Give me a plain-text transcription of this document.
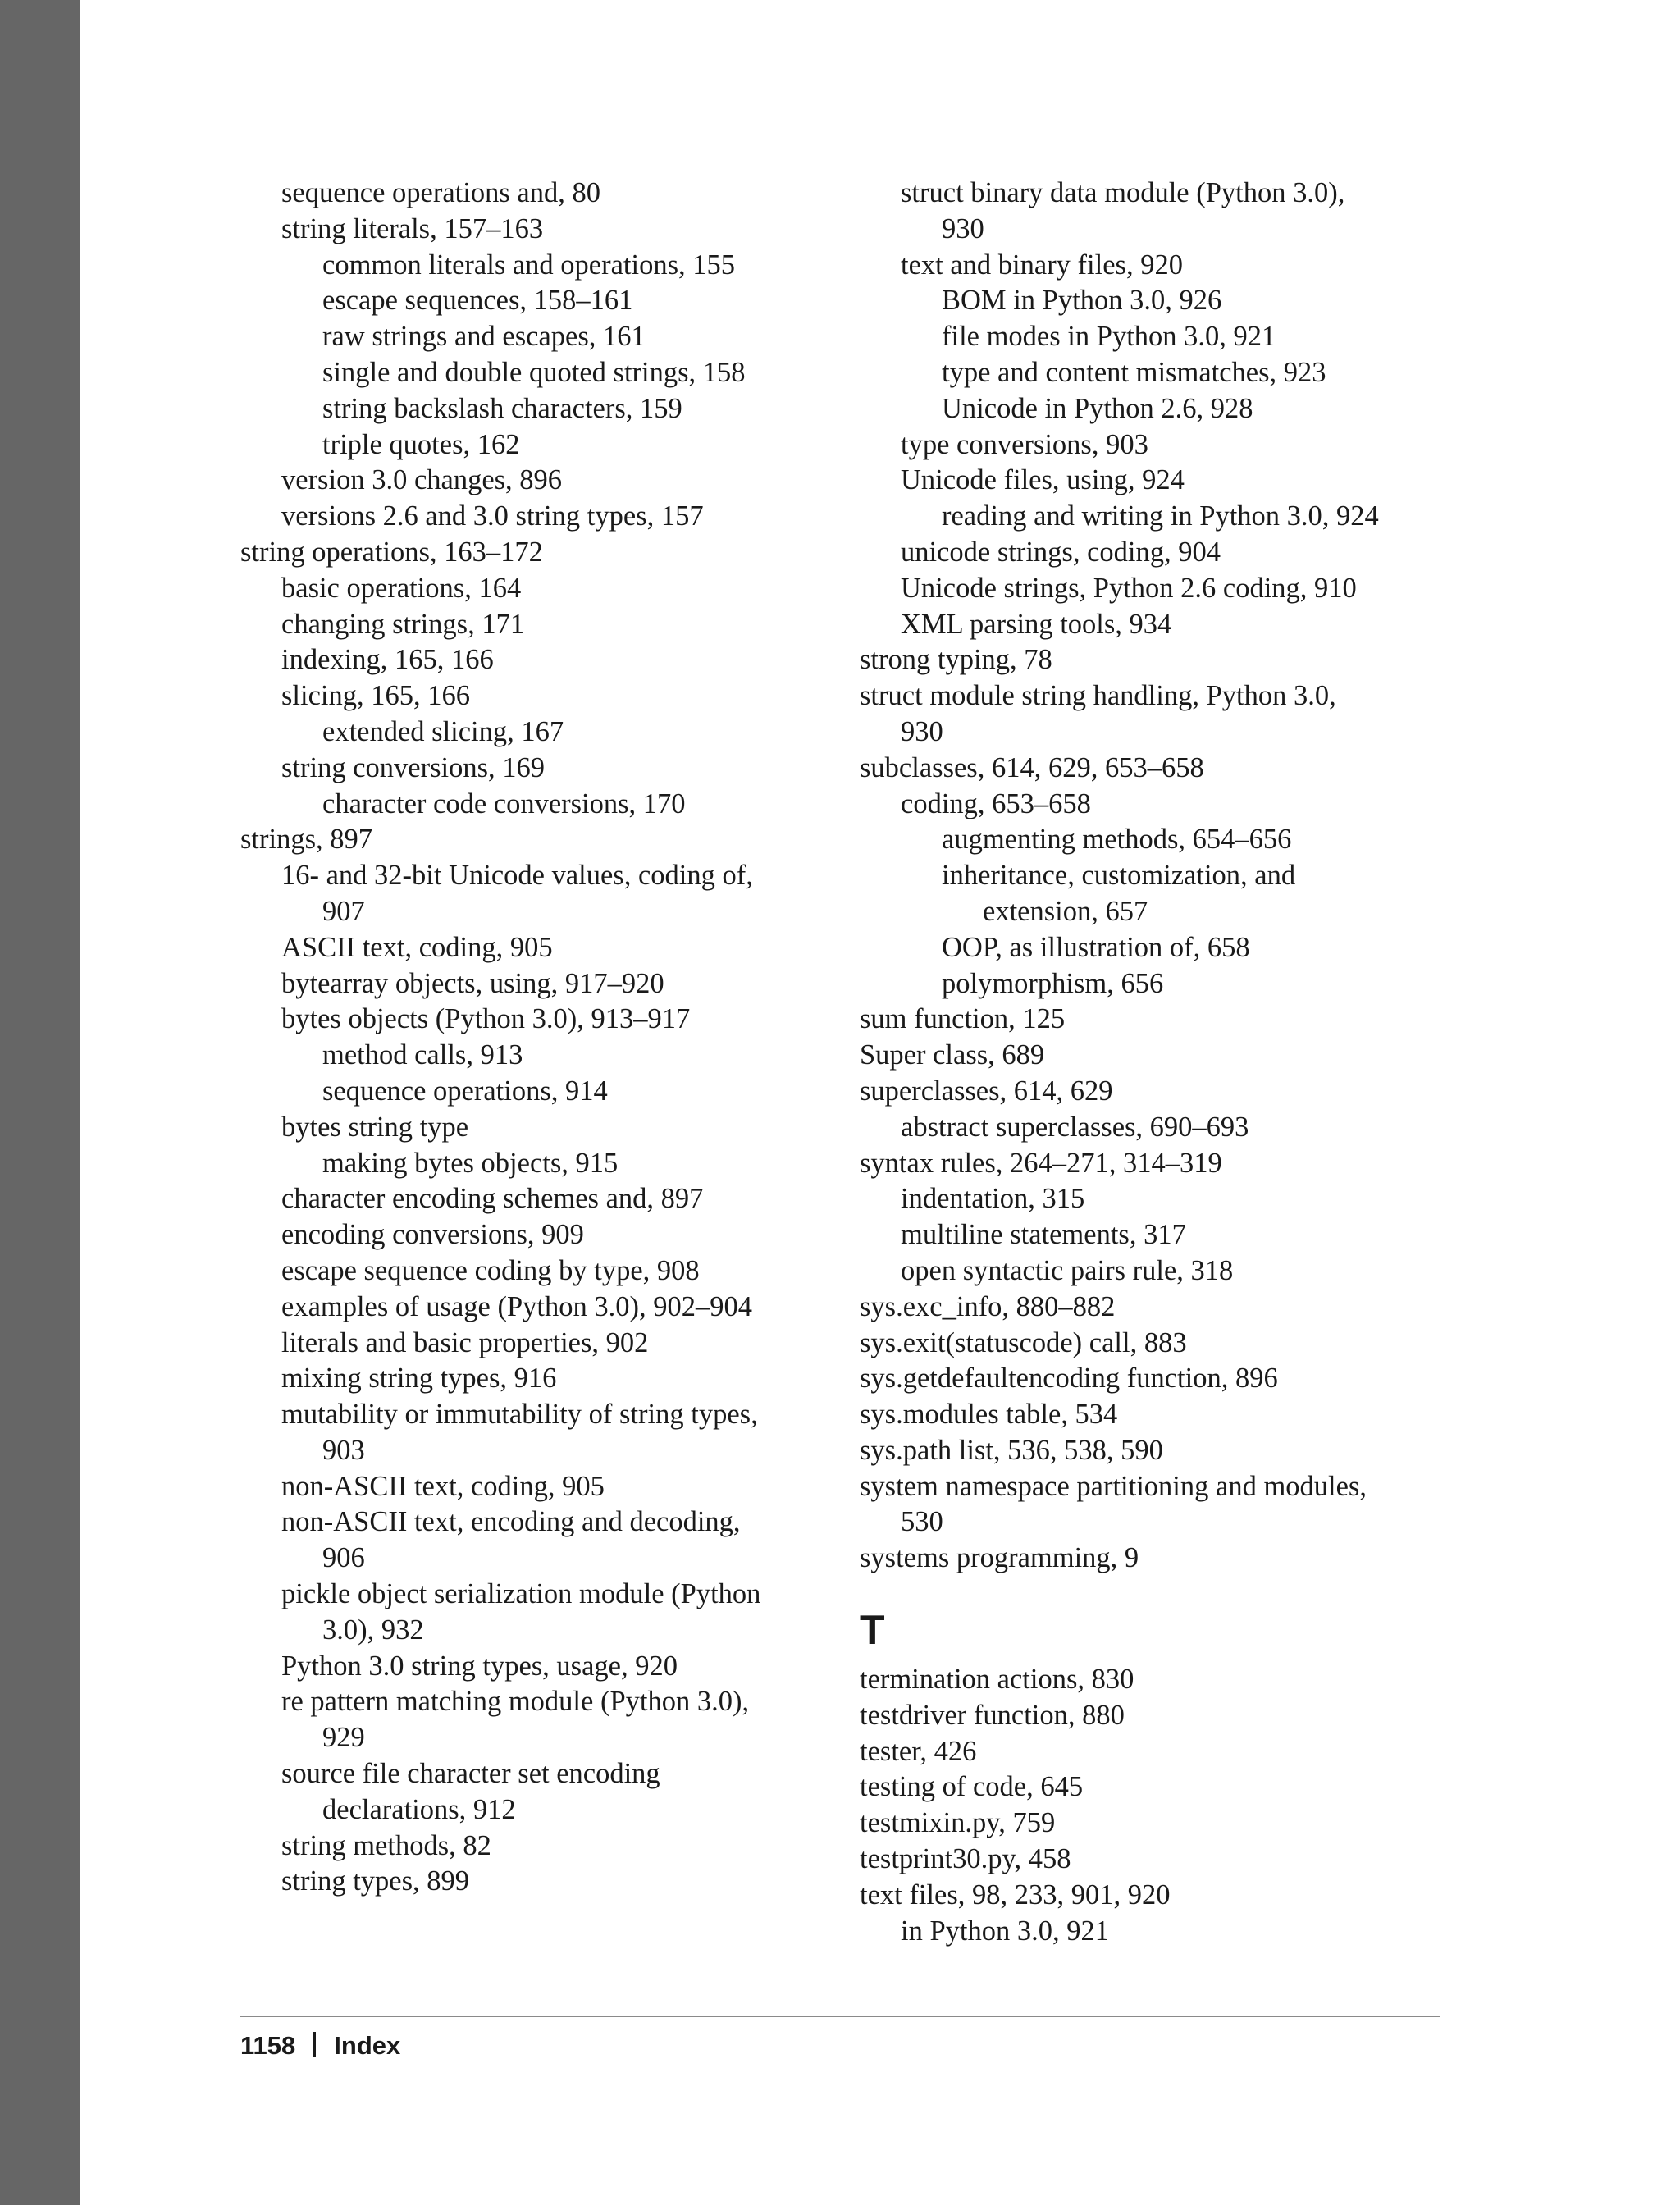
sequence operations and, 80
string literals, 157–163
common literals and operations, 155
escape sequences, 158–161
raw strings and escapes, 161
single and double quoted strings, 158
string backslash characters, 159
triple quotes, 162
version 3.0 changes, 896
versions 2.6 and 3.0 string types, 157
string operations, 163–172
basic operations, 164
changing strings, 171
indexing, 165, 166
slicing, 165, 166
extended slicing, 167
string conversions, 169
character code conversions, 170
strings, 897
16- and 32-bit Unicode values, coding of,
907
ASCII text, coding, 905
bytearray objects, using, 917–920
bytes objects (Python 3.0), 913–917
method calls, 913
sequence operations, 914
bytes string type
making bytes objects, 915
character encoding schemes and, 897
encoding conversions, 909
escape sequence coding by type, 908
examples of usage (Python 3.0), 902–904
literals and basic properties, 902
mixing string types, 916
mutability or immutability of string types,
903
non-ASCII text, coding, 905
non-ASCII text, encoding and decoding,
906
pickle object serialization module (Python
3.0), 932
Python 3.0 string types, usage, 920
re pattern matching module (Python 3.0),
929
source file character set encoding
declarations, 912
string methods, 82
string types, 899
struct binary data module (Python 3.0),
930
text and binary files, 920
BOM in Python 3.0, 926
file modes in Python 3.0, 921
type and content mismatches, 923
Unicode in Python 2.6, 928
type conversions, 903
Unicode files, using, 924
reading and writing in Python 3.0, 924
unicode strings, coding, 904
Unicode strings, Python 2.6 coding, 910
XML parsing tools, 934
strong typing, 78
struct module string handling, Python 3.0,
930
subclasses, 614, 629, 653–658
coding, 653–658
augmenting methods, 654–656
inheritance, customization, and
extension, 657
OOP, as illustration of, 658
polymorphism, 656
sum function, 125
Super class, 689
superclasses, 614, 629
abstract superclasses, 690–693
syntax rules, 264–271, 314–319
indentation, 315
multiline statements, 317
open syntactic pairs rule, 318
sys.exc_info, 880–882
sys.exit(statuscode) call, 883
sys.getdefaultencoding function, 896
sys.modules table, 534
sys.path list, 536, 538, 590
system namespace partitioning and modules,
530
systems programming, 9
T
termination actions, 830
testdriver function, 880
tester, 426
testing of code, 645
testmixin.py, 759
testprint30.py, 458
text files, 98, 233, 901, 920
in Python 3.0, 921
1158 Index
